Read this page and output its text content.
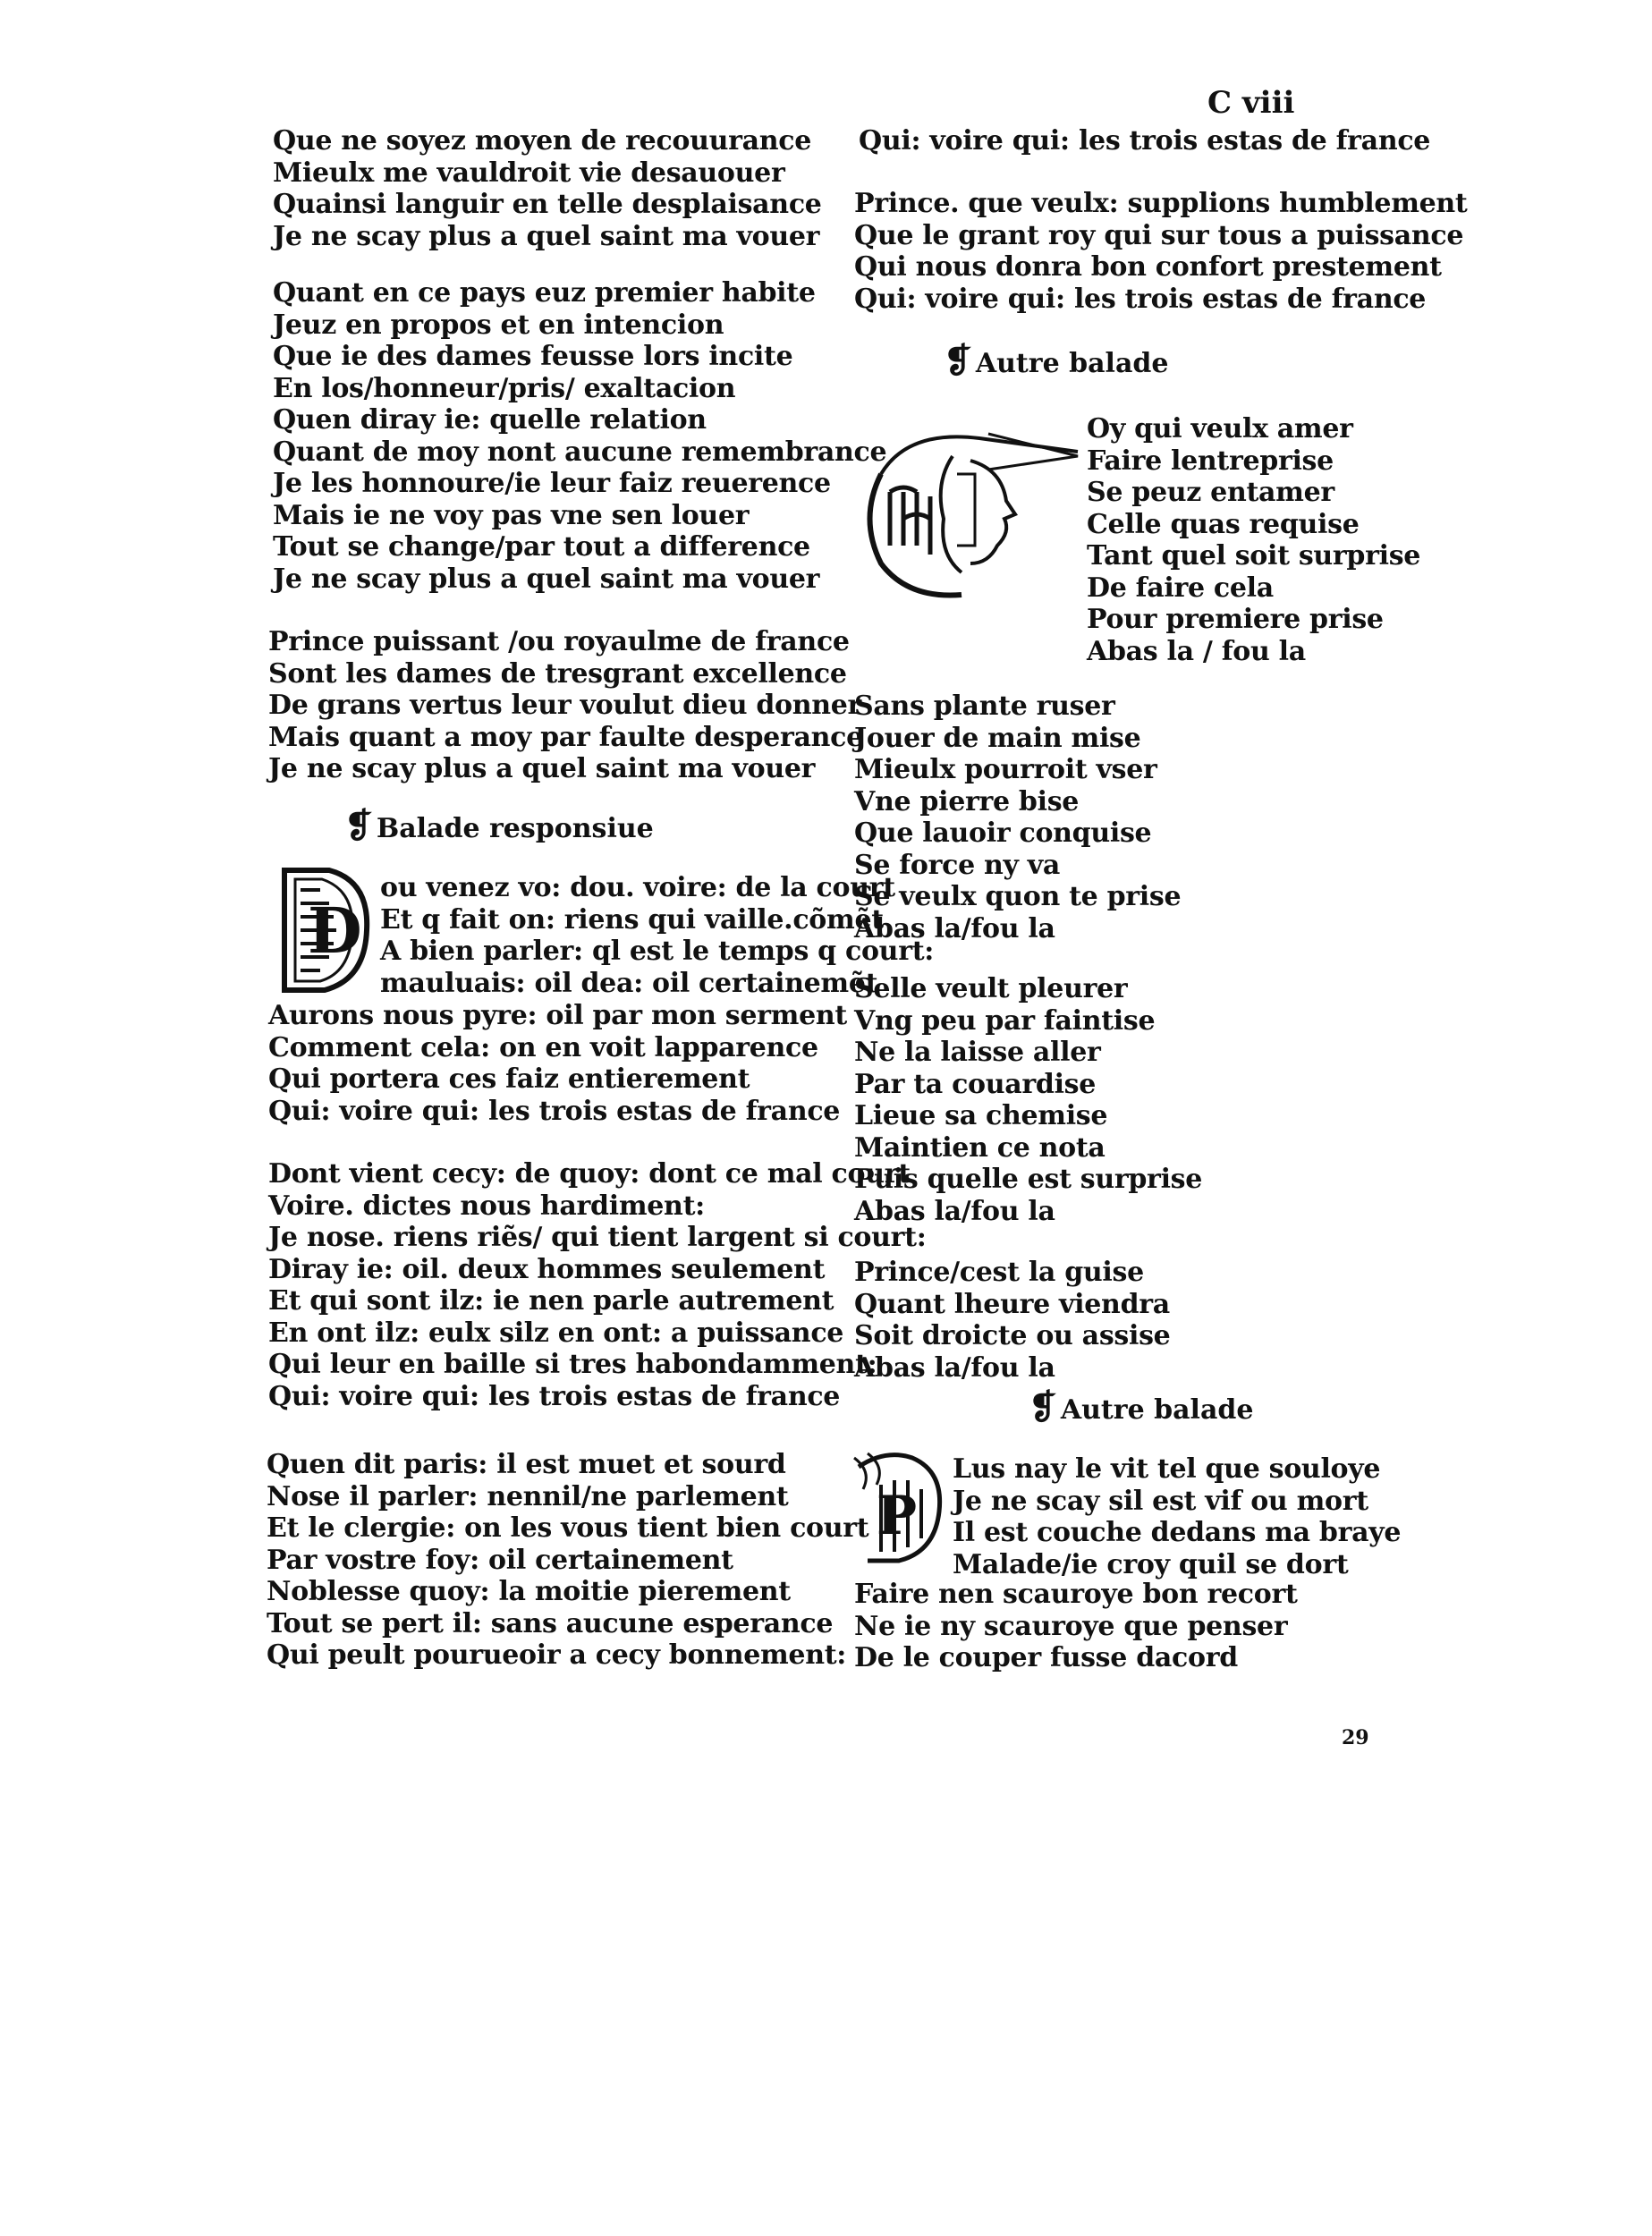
C viii
Que ne soyez moyen de recouurance
Mieulx me vauldroit vie desauouer
Quainsi languir en telle desplaisance
Je ne scay plus a quel saint ma vouer
Quant en ce pays euz premier habite
Jeuz en propos et en intencion
Que ie des dames feusse lors incite
En los/honneur/pris/ exaltacion
Quen diray ie: quelle relation
Quant de moy nont aucune remembrance
Je les honnoure/ie leur faiz reuerence
Mais ie ne voy pas vne sen louer
Tout se change/par tout a difference
Je ne scay plus a quel saint ma vouer
Prince puissant /ou royaulme de france
Sont les dames de tresgrant excellence
De grans vertus leur voulut dieu donner
Mais quant a moy par faulte desperance
Je ne scay plus a quel saint ma vouer
❡ Balade responsiue
D
ou venez vo: dou. voire: de la court
Et q fait on: riens qui vaille.cõmẽt
A bien parler: ql est le temps q court:
mauluais: oil dea: oil certainemẽt
Aurons nous pyre: oil par mon serment
Comment cela: on en voit lapparence
Qui portera ces faiz entierement
Qui: voire qui: les trois estas de france
Dont vient cecy: de quoy: dont ce mal court
Voire. dictes nous hardiment:
Je nose. riens riẽs/ qui tient largent si court:
Diray ie: oil. deux hommes seulement
Et qui sont ilz: ie nen parle autrement
En ont ilz: eulx silz en ont: a puissance
Qui leur en baille si tres habondamment:
Qui: voire qui: les trois estas de france
Quen dit paris: il est muet et sourd
Nose il parler: nennil/ne parlement
Et le clergie: on les vous tient bien court
Par vostre foy: oil certainement
Noblesse quoy: la moitie pierement
Tout se pert il: sans aucune esperance
Qui peult pourueoir a cecy bonnement:
Qui: voire qui: les trois estas de france
Prince. que veulx: supplions humblement
Que le grant roy qui sur tous a puissance
Qui nous donra bon confort prestement
Qui: voire qui: les trois estas de france
❡ Autre balade
Oy qui veulx amer
Faire lentreprise
Se peuz entamer
Celle quas requise
Tant quel soit surprise
De faire cela
Pour premiere prise
Abas la / fou la
Sans plante ruser
Jouer de main mise
Mieulx pourroit vser
Vne pierre bise
Que lauoir conquise
Se force ny va
Se veulx quon te prise
Abas la/fou la
Selle veult pleurer
Vng peu par faintise
Ne la laisse aller
Par ta couardise
Lieue sa chemise
Maintien ce nota
Puis quelle est surprise
Abas la/fou la
Prince/cest la guise
Quant lheure viendra
Soit droicte ou assise
Abas la/fou la
❡ Autre balade
P
Lus nay le vit tel que souloye
Je ne scay sil est vif ou mort
Il est couche dedans ma braye
Malade/ie croy quil se dort
Faire nen scauroye bon recort
Ne ie ny scauroye que penser
De le couper fusse dacord
29
